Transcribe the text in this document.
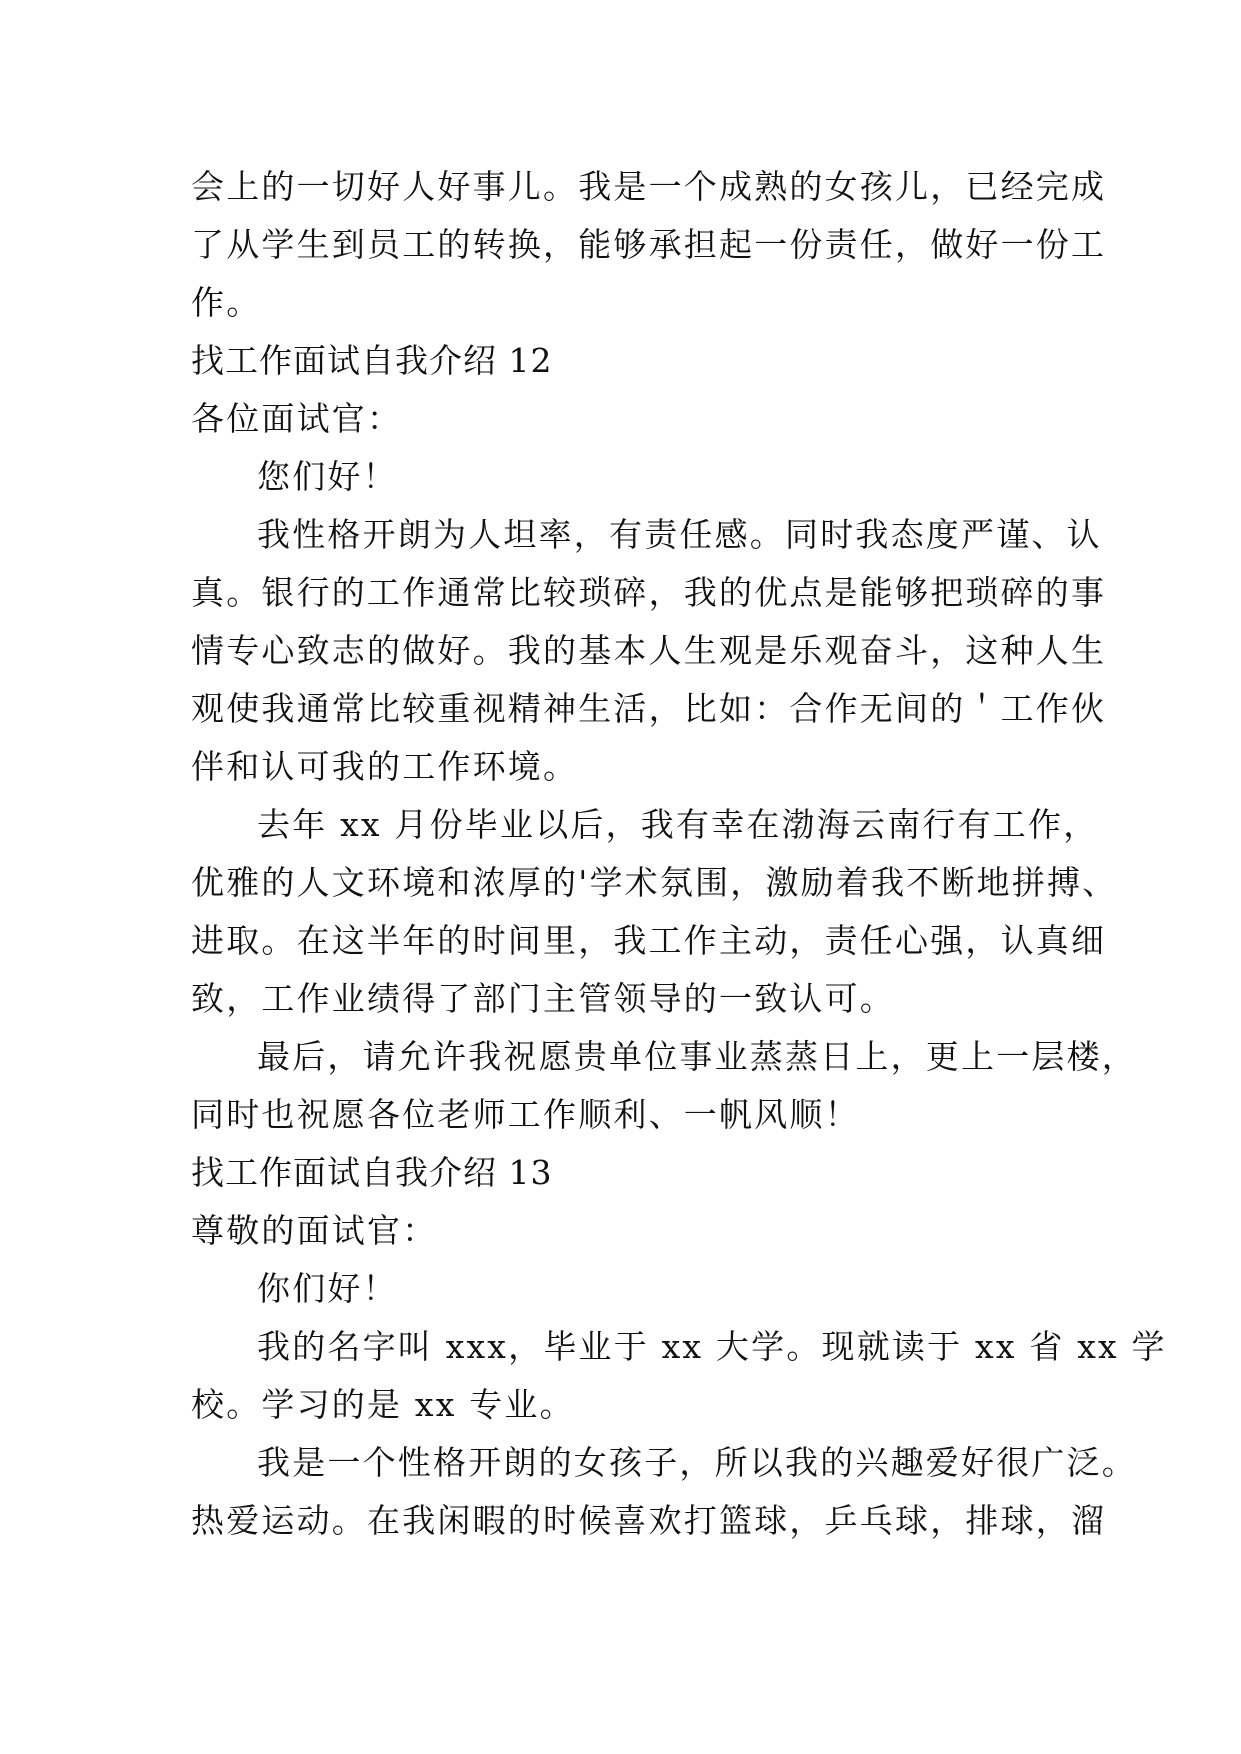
会上的一切好人好事儿。我是一个成熟的女孩儿，已经完成
了从学生到员工的转换，能够承担起一份责任，做好一份工
作。
找工作面试自我介绍 12
各位面试官：
您们好！
我性格开朗为人坦率，有责任感。同时我态度严谨、认
真。银行的工作通常比较琐碎，我的优点是能够把琐碎的事
情专心致志的做好。我的基本人生观是乐观奋斗，这种人生
观使我通常比较重视精神生活，比如：合作无间的＇工作伙
伴和认可我的工作环境。
去年 xx 月份毕业以后，我有幸在渤海云南行有工作，
优雅的人文环境和浓厚的'学术氛围，激励着我不断地拼搏、
进取。在这半年的时间里，我工作主动，责任心强，认真细
致，工作业绩得了部门主管领导的一致认可。
最后，请允许我祝愿贵单位事业蒸蒸日上，更上一层楼，
同时也祝愿各位老师工作顺利、一帆风顺！
找工作面试自我介绍 13
尊敬的面试官：
你们好！
我的名字叫 xxx，毕业于 xx 大学。现就读于 xx 省 xx 学
校。学习的是 xx 专业。
我是一个性格开朗的女孩子，所以我的兴趣爱好很广泛。
热爱运动。在我闲暇的时候喜欢打篮球，乒乓球，排球，溜
